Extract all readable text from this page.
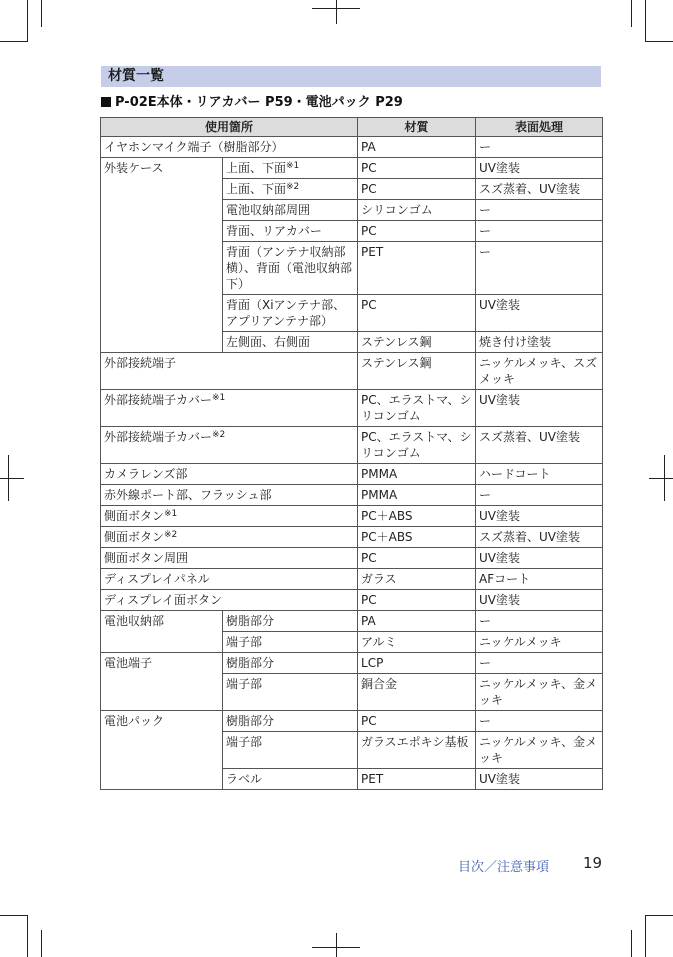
材質一覧
P-02E本体・リアカバー P59・電池パック P29
使用箇所		材質	表面処理
イヤホンマイク端子（樹脂部分）		PA	ー
外装ケース	上面、下面$^{※1}$	PC	UV塗装
	上面、下面$^{※2}$	PC	スズ蒸着、UV塗装
	電池収納部周囲	シリコンゴム	ー
	背面、リアカバー	PC	ー
	背面（アンテナ収納部横）、背面（電池収納部下）	PET	ー
	背面（Xiアンテナ部、アプリアンテナ部）	PC	UV塗装
	左側面、右側面	ステンレス鋼	焼き付け塗装
外部接続端子		ステンレス鋼	ニッケルメッキ、スズメッキ
外部接続端子カバー$^{※1}$		PC、エラストマ、シリコンゴム	UV塗装
外部接続端子カバー$^{※2}$		PC、エラストマ、シリコンゴム	スズ蒸着、UV塗装
カメラレンズ部		PMMA	ハードコート
赤外線ポート部、フラッシュ部		PMMA	ー
側面ボタン$^{※1}$		PC＋ABS	UV塗装
側面ボタン$^{※2}$		PC＋ABS	スズ蒸着、UV塗装
側面ボタン周囲		PC	UV塗装
ディスプレイパネル		ガラス	AFコート
ディスプレイ面ボタン		PC	UV塗装
電池収納部	樹脂部分	PA	ー
	端子部	アルミ	ニッケルメッキ
電池端子	樹脂部分	LCP	ー
	端子部	銅合金	ニッケルメッキ、金メッキ
電池パック	樹脂部分	PC	ー
	端子部	ガラスエポキシ基板	ニッケルメッキ、金メッキ
	ラベル	PET	UV塗装
目次／注意事項 19
